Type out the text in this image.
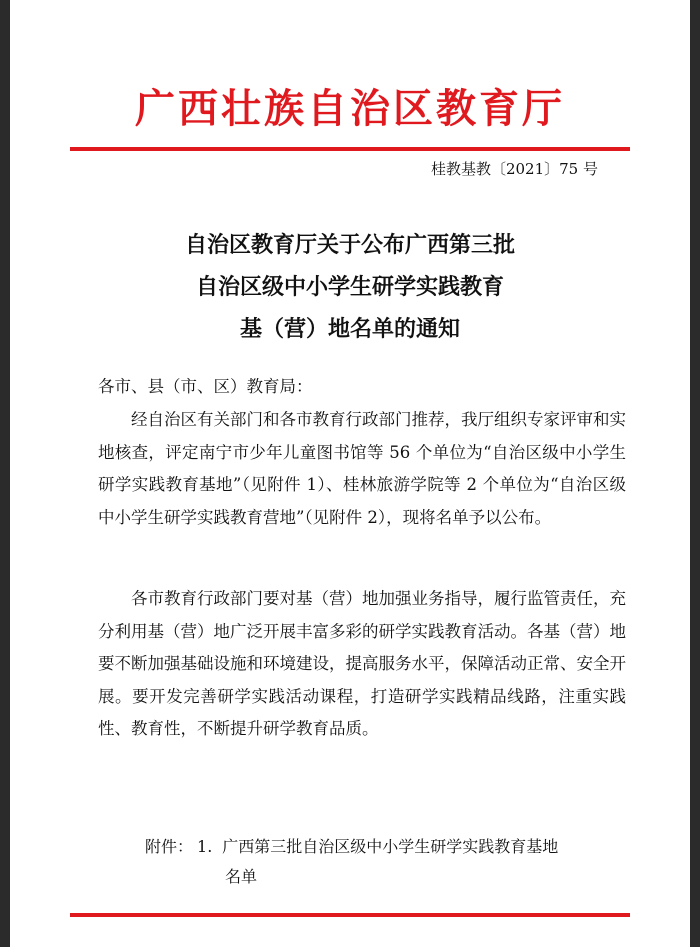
广西壮族自治区教育厅
桂教基教〔2021〕75 号
自治区教育厅关于公布广西第三批
自治区级中小学生研学实践教育
基（营）地名单的通知
各市、县（市、区）教育局：
经自治区有关部门和各市教育行政部门推荐，我厅组织专家评审和实地核查，评定南宁市少年儿童图书馆等 56 个单位为“自治区级中小学生研学实践教育基地”（见附件 1）、桂林旅游学院等 2 个单位为“自治区级中小学生研学实践教育营地”（见附件 2），现将名单予以公布。
各市教育行政部门要对基（营）地加强业务指导，履行监管责任，充分利用基（营）地广泛开展丰富多彩的研学实践教育活动。各基（营）地要不断加强基础设施和环境建设，提高服务水平，保障活动正常、安全开展。要开发完善研学实践活动课程，打造研学实践精品线路，注重实践性、教育性，不断提升研学教育品质。
附件： 1. 广西第三批自治区级中小学生研学实践教育基地
名单
